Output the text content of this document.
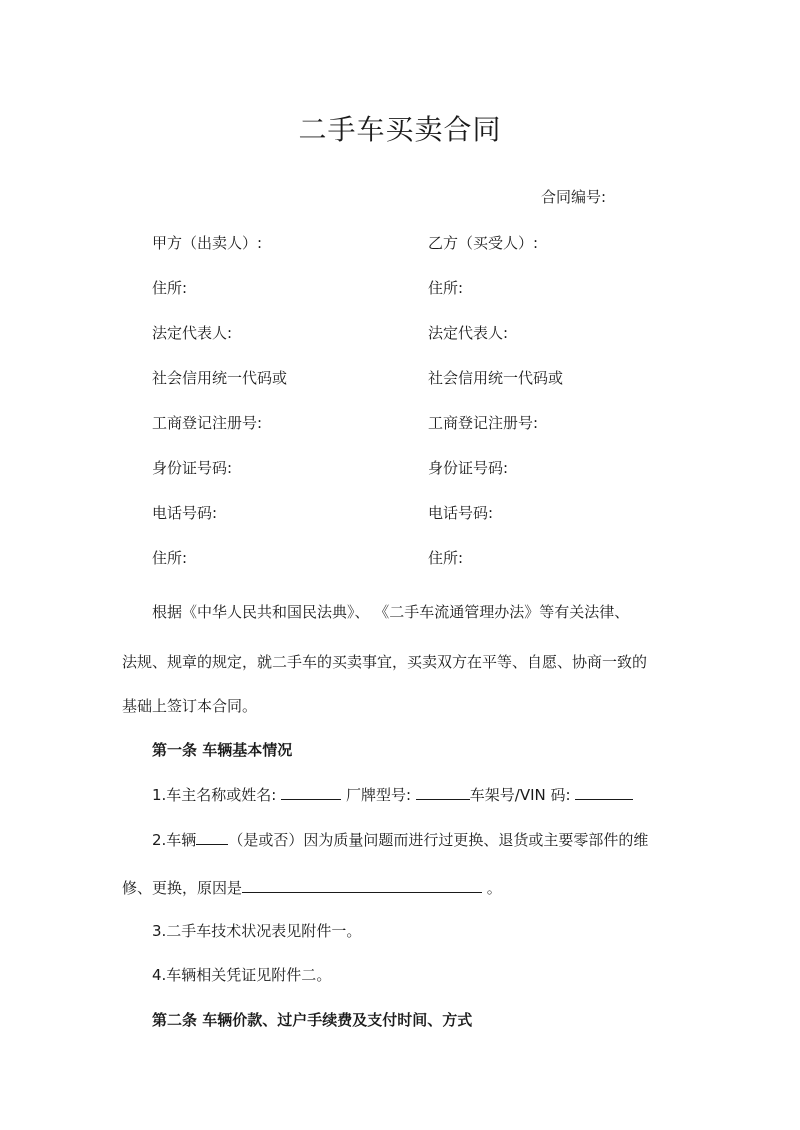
二手车买卖合同
合同编号:
甲方（出卖人）:	乙方（买受人）:
住所:	住所:
法定代表人:	法定代表人:
社会信用统一代码或	社会信用统一代码或
工商登记注册号:	工商登记注册号:
身份证号码:	身份证号码:
电话号码:	电话号码:
住所:	住所:
根据《中华人民共和国民法典》、 《二手车流通管理办法》等有关法律、
法规、规章的规定，就二手车的买卖事宜，买卖双方在平等、自愿、协商一致的
基础上签订本合同。
第一条 车辆基本情况
1.车主名称或姓名:	厂牌型号:	车架号/VIN 码:
2.车辆 （是或否）因为质量问题而进行过更换、退货或主要零部件的维
修、更换，原因是	。
3.二手车技术状况表见附件一。
4.车辆相关凭证见附件二。
第二条 车辆价款、过户手续费及支付时间、方式
